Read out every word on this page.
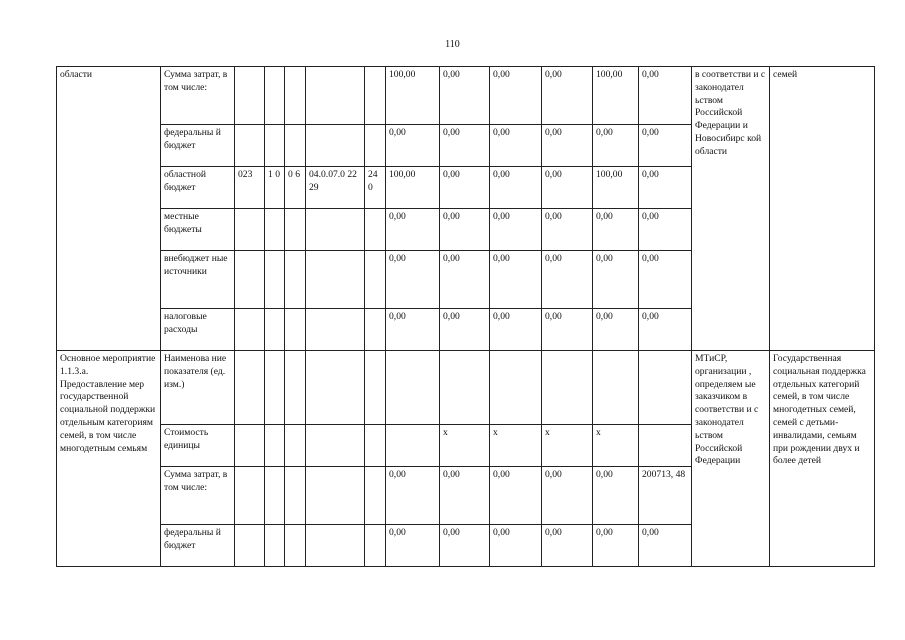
110
области	Сумма затрат, в том числе:						100,00	0,00	0,00	0,00	100,00	0,00	в соответстви и с законодател ьством Российской Федерации и Новосибирс кой области	семей
	федеральны й бюджет						0,00	0,00	0,00	0,00	0,00	0,00		
	областной бюджет	023	1 0	0 6	04.0.07.0 2229	24 0	100,00	0,00	0,00	0,00	100,00	0,00		
	местные бюджеты						0,00	0,00	0,00	0,00	0,00	0,00		
	внебюджет ные источники						0,00	0,00	0,00	0,00	0,00	0,00		
	налоговые расходы						0,00	0,00	0,00	0,00	0,00	0,00		
Основное мероприятие 1.1.3.а. Предоставление мер государственной социальной поддержки отдельным категориям семей, в том числе многодетным семьям	Наименова ние показателя (ед. изм.)												МТиСР, организации , определяем ые заказчиком в соответстви и с законодател ьством Российской Федерации	Государственная социальная поддержка отдельных категорий семей, в том числе многодетных семей, семей с детьми-инвалидами, семьям при рождении двух и более детей
	Стоимость единицы							x	x	x	x			
	Сумма затрат, в том числе:						0,00	0,00	0,00	0,00	0,00	200713, 48		
	федеральны й бюджет						0,00	0,00	0,00	0,00	0,00	0,00		
